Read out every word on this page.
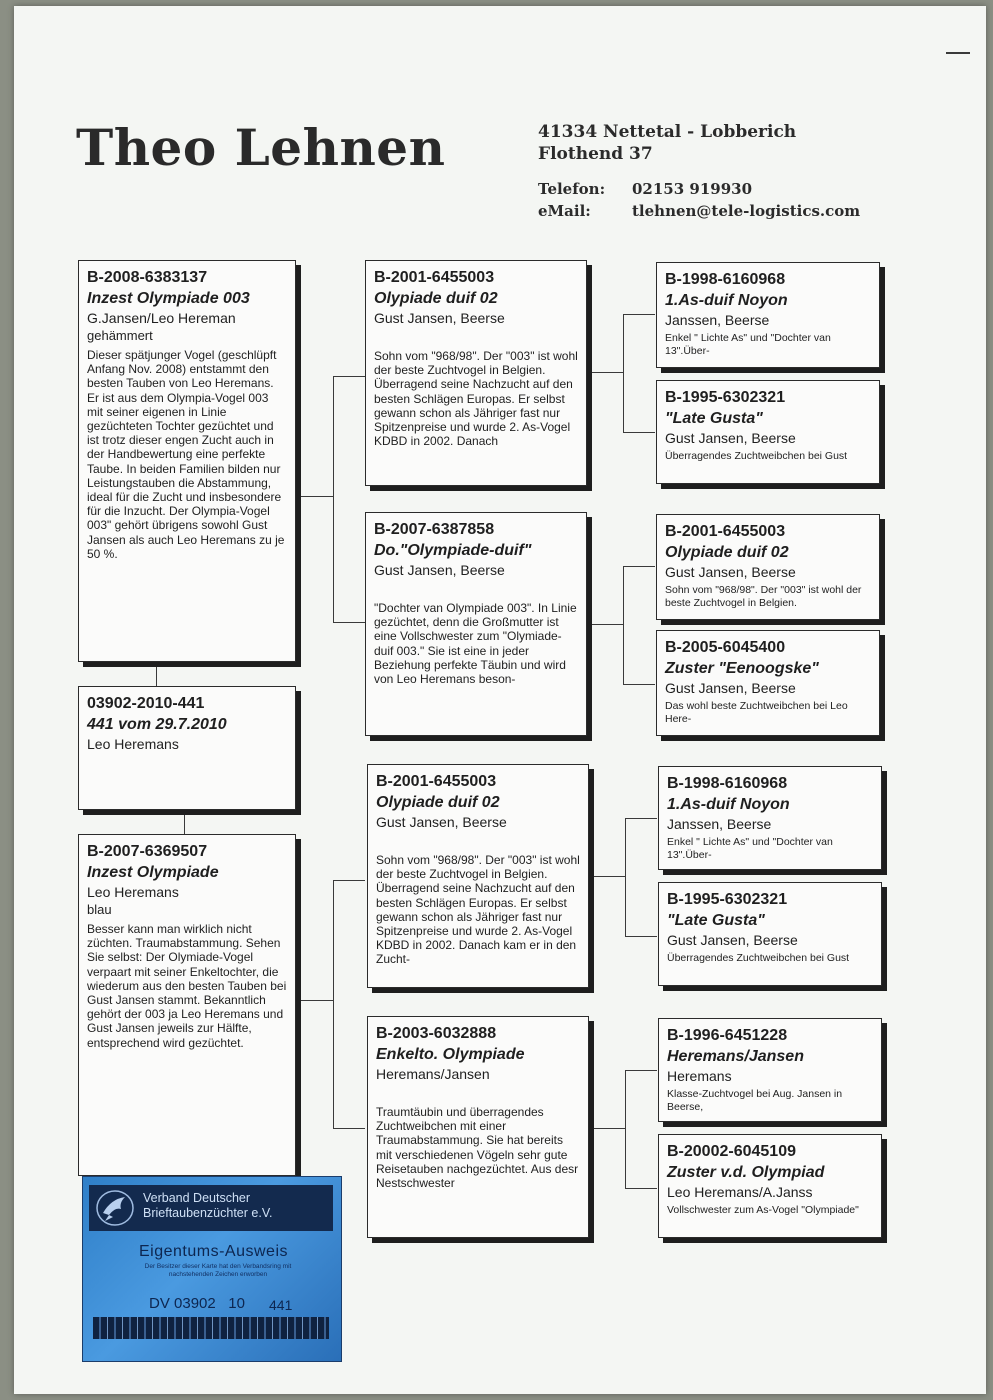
Theo Lehnen	41334 Nettetal - Lobberich
Flothend 37
Telefon: 02153 919930
eMail:	tlehnen@tele-logistics.com
B-2008-6383137
Inzest Olympiade 003
G.Jansen/Leo Hereman
gehämmert
Dieser spätjunger Vogel (geschlüpft Anfang Nov. 2008) entstammt den besten Tauben von Leo Heremans. Er ist aus dem Olympia-Vogel 003 mit seiner eigenen in Linie gezüchteten Tochter gezüchtet und ist trotz dieser engen Zucht auch in der Handbewertung eine perfekte Taube. In beiden Familien bilden nur Leistungstauben die Abstammung, ideal für die Zucht und insbesondere für die Inzucht. Der Olympia-Vogel 003" gehört übrigens sowohl Gust Jansen als auch Leo Heremans zu je 50 %.
03902-2010-441
441 vom 29.7.2010
Leo Heremans
B-2007-6369507
Inzest Olympiade
Leo Heremans
blau
Besser kann man wirklich nicht züchten. Traumabstammung. Sehen Sie selbst: Der Olymiade-Vogel verpaart mit seiner Enkeltochter, die wiederum aus den besten Tauben bei Gust Jansen stammt. Bekanntlich gehört der 003 ja Leo Heremans und Gust Jansen jeweils zur Hälfte, entsprechend wird gezüchtet.
B-2001-6455003
Olypiade duif 02
Gust Jansen, Beerse
Sohn vom "968/98". Der "003" ist wohl der beste Zuchtvogel in Belgien. Überragend seine Nachzucht auf den besten Schlägen Europas. Er selbst gewann schon als Jähriger fast nur Spitzenpreise und wurde 2. As-Vogel KDBD in 2002. Danach
B-2007-6387858
Do."Olympiade-duif"
Gust Jansen, Beerse
"Dochter van Olympiade 003". In Linie gezüchtet, denn die Großmutter ist eine Vollschwester zum "Olymiade-duif 003." Sie ist eine in jeder Beziehung perfekte Täubin und wird von Leo Heremans beson-
B-2001-6455003
Olypiade duif 02
Gust Jansen, Beerse
Sohn vom "968/98". Der "003" ist wohl der beste Zuchtvogel in Belgien. Überragend seine Nachzucht auf den besten Schlägen Europas. Er selbst gewann schon als Jähriger fast nur Spitzenpreise und wurde 2. As-Vogel KDBD in 2002. Danach kam er in den Zucht-
B-2003-6032888
Enkelto. Olympiade
Heremans/Jansen
Traumtäubin und überragendes Zuchtweibchen mit einer Traumabstammung. Sie hat bereits mit verschiedenen Vögeln sehr gute Reisetauben nachgezüchtet. Aus desr Nestschwester
B-1998-6160968
1.As-duif Noyon
Janssen, Beerse
Enkel " Lichte As" und "Dochter van 13".Über-
B-1995-6302321
"Late Gusta"
Gust Jansen, Beerse
Überragendes Zuchtweibchen bei Gust
B-2001-6455003
Olypiade duif 02
Gust Jansen, Beerse
Sohn vom "968/98". Der "003" ist wohl der beste Zuchtvogel in Belgien.
B-2005-6045400
Zuster "Eenoogske"
Gust Jansen, Beerse
Das wohl beste Zuchtweibchen bei Leo Here-
B-1998-6160968
1.As-duif Noyon
Janssen, Beerse
Enkel " Lichte As" und "Dochter van 13".Über-
B-1995-6302321
"Late Gusta"
Gust Jansen, Beerse
Überragendes Zuchtweibchen bei Gust
B-1996-6451228
Heremans/Jansen
Heremans
Klasse-Zuchtvogel bei Aug. Jansen in Beerse,
B-20002-6045109
Zuster v.d. Olympiad
Leo Heremans/A.Janss
Vollschwester zum As-Vogel "Olympiade"
Verband Deutscher
Brieftaubenzüchter e.V.
Eigentums-Ausweis
Der Besitzer dieser Karte hat den Verbandsring mit nachstehenden Zeichen erworben
DV 03902 10 441
